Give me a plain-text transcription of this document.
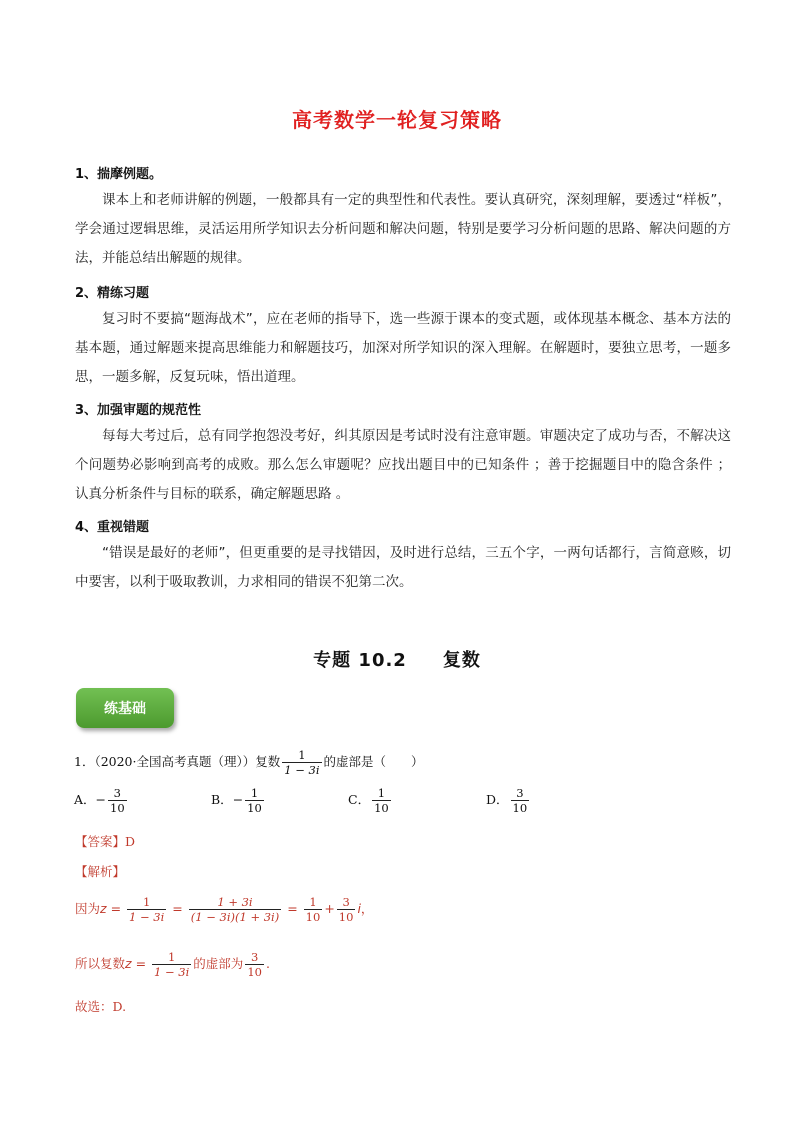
高考数学一轮复习策略
1、揣摩例题。
课本上和老师讲解的例题，一般都具有一定的典型性和代表性。要认真研究，深刻理解，要透过“样板”，学会通过逻辑思维，灵活运用所学知识去分析问题和解决问题，特别是要学习分析问题的思路、解决问题的方法，并能总结出解题的规律。
2、精练习题
复习时不要搞“题海战术”，应在老师的指导下，选一些源于课本的变式题，或体现基本概念、基本方法的基本题，通过解题来提高思维能力和解题技巧，加深对所学知识的深入理解。在解题时，要独立思考，一题多思，一题多解，反复玩味，悟出道理。
3、加强审题的规范性
每每大考过后，总有同学抱怨没考好，纠其原因是考试时没有注意审题。审题决定了成功与否，不解决这个问题势必影响到高考的成败。那么怎么审题呢？应找出题目中的已知条件 ；善于挖掘题目中的隐含条件 ；认真分析条件与目标的联系，确定解题思路 。
4、重视错题
“错误是最好的老师”，但更重要的是寻找错因，及时进行总结，三五个字，一两句话都行，言简意赅，切中要害，以利于吸取教训，力求相同的错误不犯第二次。
专题 10.2 复数
练基础
1．（2020·全国高考真题（理））复数 $\frac{1}{1 - 3i}$ 的虚部是（　　）
A．− $\frac{3}{10}$	B．− $\frac{1}{10}$	C． $\frac{1}{10}$	D． $\frac{3}{10}$
【答案】D
【解析】
因为$z = \frac{1}{1 - 3i} = \frac{1 + 3i}{(1 - 3i)(1 + 3i)} = \frac{1}{10} + \frac{3}{10}$ i，
所以复数$z = \frac{1}{1 - 3i}$ 的虚部为 $\frac{3}{10}$ .
故选：D.
